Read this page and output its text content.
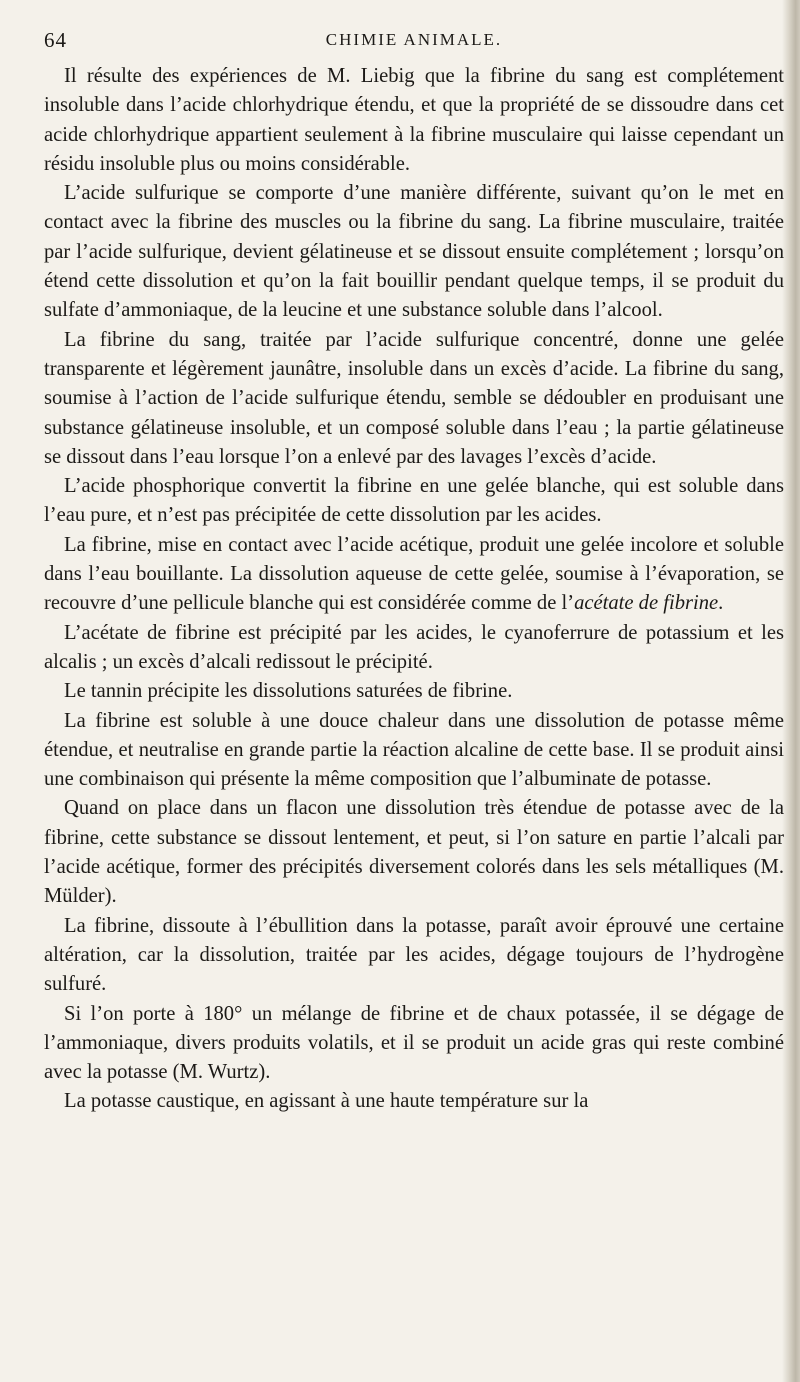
64	CHIMIE ANIMALE.

Il résulte des expériences de M. Liebig que la fibrine du sang est complétement insoluble dans l’acide chlorhydrique étendu, et que la propriété de se dissoudre dans cet acide chlorhydrique appartient seulement à la fibrine musculaire qui laisse cependant un résidu insoluble plus ou moins considérable.

L’acide sulfurique se comporte d’une manière différente, suivant qu’on le met en contact avec la fibrine des muscles ou la fibrine du sang. La fibrine musculaire, traitée par l’acide sulfurique, devient gélatineuse et se dissout ensuite complétement ; lorsqu’on étend cette dissolution et qu’on la fait bouillir pendant quelque temps, il se produit du sulfate d’ammoniaque, de la leucine et une substance soluble dans l’alcool.

La fibrine du sang, traitée par l’acide sulfurique concentré, donne une gelée transparente et légèrement jaunâtre, insoluble dans un excès d’acide. La fibrine du sang, soumise à l’action de l’acide sulfurique étendu, semble se dédoubler en produisant une substance gélatineuse insoluble, et un composé soluble dans l’eau ; la partie gélatineuse se dissout dans l’eau lorsque l’on a enlevé par des lavages l’excès d’acide.

L’acide phosphorique convertit la fibrine en une gelée blanche, qui est soluble dans l’eau pure, et n’est pas précipitée de cette dissolution par les acides.

La fibrine, mise en contact avec l’acide acétique, produit une gelée incolore et soluble dans l’eau bouillante. La dissolution aqueuse de cette gelée, soumise à l’évaporation, se recouvre d’une pellicule blanche qui est considérée comme de l’acétate de fibrine.

L’acétate de fibrine est précipité par les acides, le cyanoferrure de potassium et les alcalis ; un excès d’alcali redissout le précipité.

Le tannin précipite les dissolutions saturées de fibrine.

La fibrine est soluble à une douce chaleur dans une dissolution de potasse même étendue, et neutralise en grande partie la réaction alcaline de cette base. Il se produit ainsi une combinaison qui présente la même composition que l’albuminate de potasse.

Quand on place dans un flacon une dissolution très étendue de potasse avec de la fibrine, cette substance se dissout lentement, et peut, si l’on sature en partie l’alcali par l’acide acétique, former des précipités diversement colorés dans les sels métalliques (M. Mülder).

La fibrine, dissoute à l’ébullition dans la potasse, paraît avoir éprouvé une certaine altération, car la dissolution, traitée par les acides, dégage toujours de l’hydrogène sulfuré.

Si l’on porte à 180° un mélange de fibrine et de chaux potassée, il se dégage de l’ammoniaque, divers produits volatils, et il se produit un acide gras qui reste combiné avec la potasse (M. Wurtz).

La potasse caustique, en agissant à une haute température sur la
